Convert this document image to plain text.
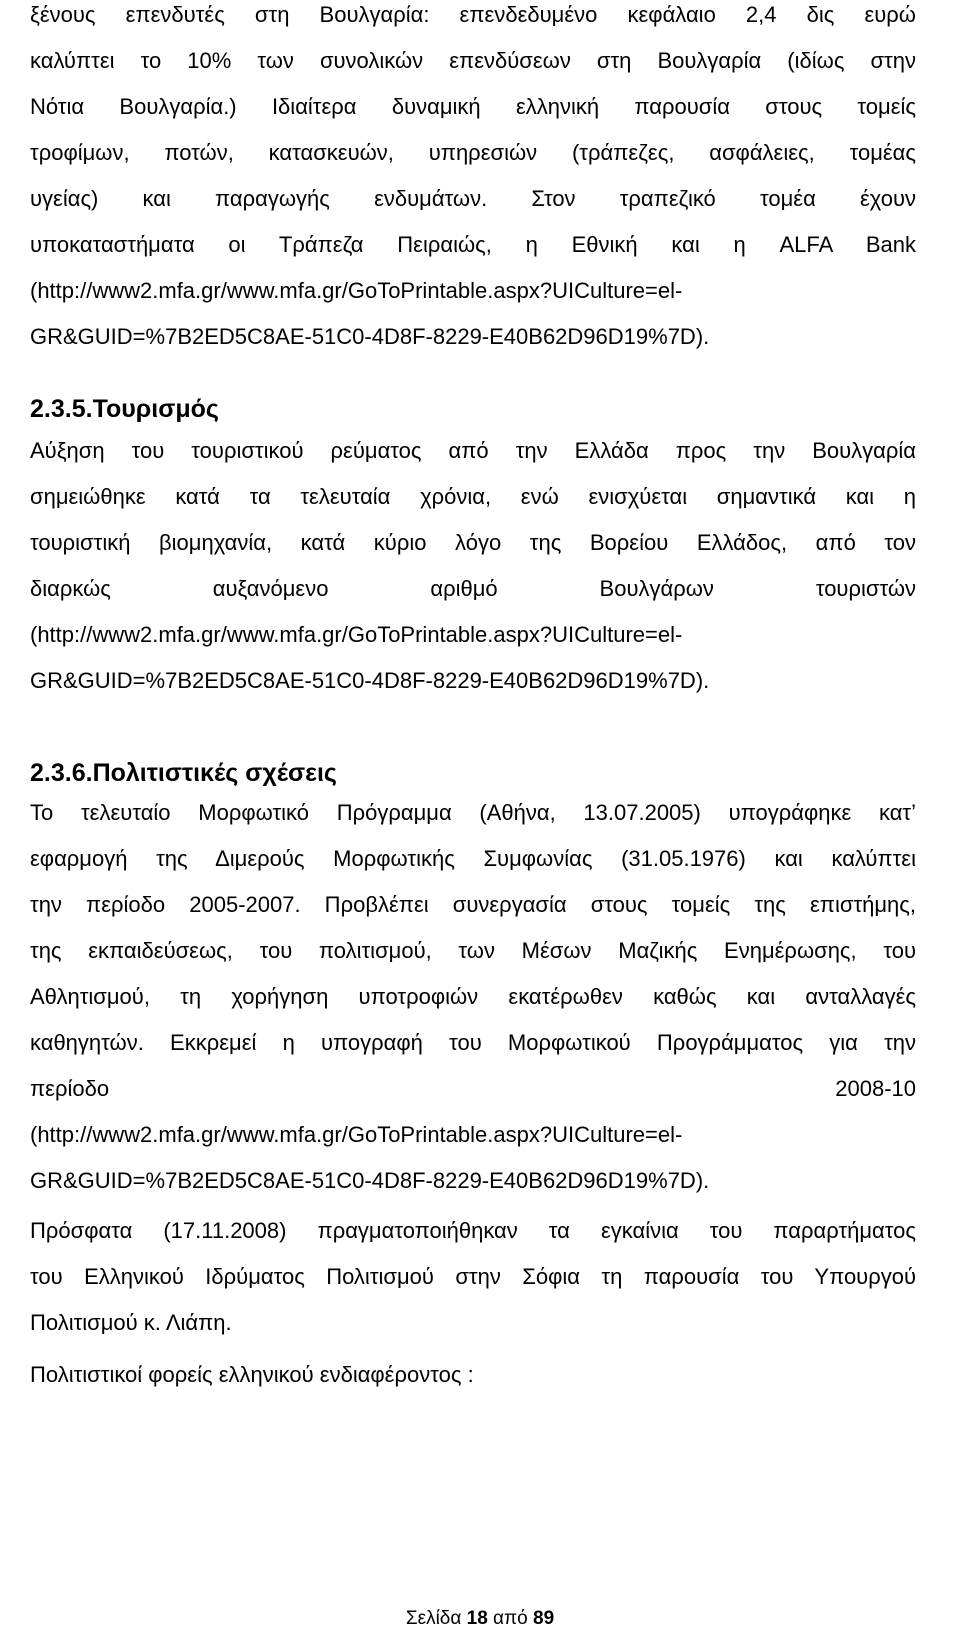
ξένους επενδυτές στη Βουλγαρία: επενδεδυμένο κεφάλαιο 2,4 δις ευρώ
καλύπτει το 10% των συνολικών επενδύσεων στη Βουλγαρία (ιδίως στην
Νότια Βουλγαρία.) Ιδιαίτερα δυναμική ελληνική παρουσία στους τομείς
τροφίμων, ποτών, κατασκευών, υπηρεσιών (τράπεζες, ασφάλειες, τομέας
υγείας) και παραγωγής ενδυμάτων. Στον τραπεζικό τομέα έχουν
υποκαταστήματα οι Τράπεζα Πειραιώς, η Εθνική και η ALFA Bank
(http://www2.mfa.gr/www.mfa.gr/GoToPrintable.aspx?UICulture=el-
GR&GUID=%7B2ED5C8AE-51C0-4D8F-8229-E40B62D96D19%7D).

2.3.5.Τουρισμός

Αύξηση του τουριστικού ρεύματος από την Ελλάδα προς την Βουλγαρία
σημειώθηκε κατά τα τελευταία χρόνια, ενώ ενισχύεται σημαντικά και η
τουριστική βιομηχανία, κατά κύριο λόγο της Βορείου Ελλάδος, από τον
διαρκώς αυξανόμενο αριθμό Βουλγάρων τουριστών
(http://www2.mfa.gr/www.mfa.gr/GoToPrintable.aspx?UICulture=el-
GR&GUID=%7B2ED5C8AE-51C0-4D8F-8229-E40B62D96D19%7D).

2.3.6.Πολιτιστικές σχέσεις

Το τελευταίο Μορφωτικό Πρόγραμμα (Αθήνα, 13.07.2005) υπογράφηκε κατ’
εφαρμογή της Διμερούς Μορφωτικής Συμφωνίας (31.05.1976) και καλύπτει
την περίοδο 2005-2007. Προβλέπει συνεργασία στους τομείς της επιστήμης,
της εκπαιδεύσεως, του πολιτισμού, των Μέσων Μαζικής Ενημέρωσης, του
Αθλητισμού, τη χορήγηση υποτροφιών εκατέρωθεν καθώς και ανταλλαγές
καθηγητών. Εκκρεμεί η υπογραφή του Μορφωτικού Προγράμματος για την
περίοδο 2008-10
(http://www2.mfa.gr/www.mfa.gr/GoToPrintable.aspx?UICulture=el-
GR&GUID=%7B2ED5C8AE-51C0-4D8F-8229-E40B62D96D19%7D).

Πρόσφατα (17.11.2008) πραγματοποιήθηκαν τα εγκαίνια του παραρτήματος
του Ελληνικού Ιδρύματος Πολιτισμού στην Σόφια τη παρουσία του Υπουργού
Πολιτισμού κ. Λιάπη.

Πολιτιστικοί φορείς ελληνικού ενδιαφέροντος :

Σελίδα 18 από 89
